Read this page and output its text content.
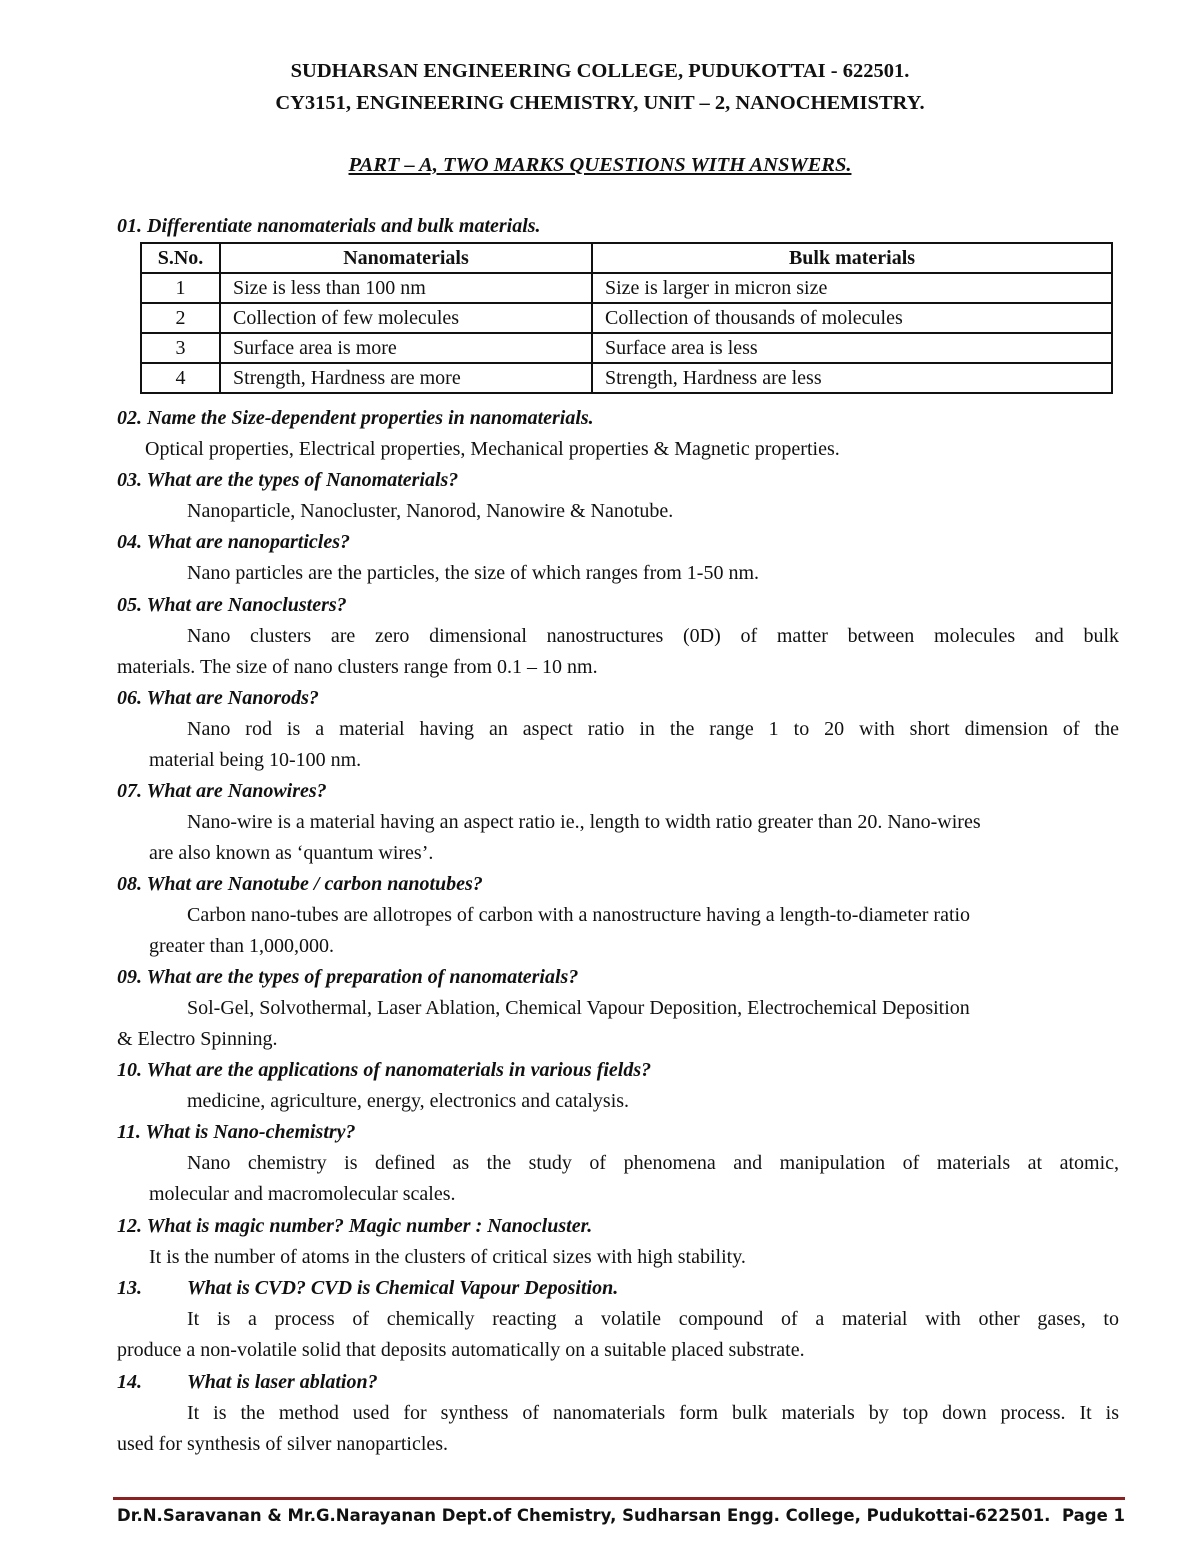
SUDHARSAN ENGINEERING COLLEGE, PUDUKOTTAI - 622501.
CY3151, ENGINEERING CHEMISTRY, UNIT – 2, NANOCHEMISTRY.
PART – A, TWO MARKS QUESTIONS WITH ANSWERS.
01. Differentiate nanomaterials and bulk materials.
S.No.	Nanomaterials	Bulk materials
1	Size is less than 100 nm	Size is larger in micron size
2	Collection of few molecules	Collection of thousands of molecules
3	Surface area is more	Surface area is less
4	Strength, Hardness are more	Strength, Hardness are less
02. Name the Size-dependent properties in nanomaterials.
Optical properties, Electrical properties, Mechanical properties & Magnetic properties.
03. What are the types of Nanomaterials?
Nanoparticle, Nanocluster, Nanorod, Nanowire & Nanotube.
04. What are nanoparticles?
Nano particles are the particles, the size of which ranges from 1-50 nm.
05. What are Nanoclusters?
Nano clusters are zero dimensional nanostructures (0D) of matter between molecules and bulk
materials. The size of nano clusters range from 0.1 – 10 nm.
06. What are Nanorods?
Nano rod is a material having an aspect ratio in the range 1 to 20 with short dimension of the
material being 10-100 nm.
07. What are Nanowires?
Nano-wire is a material having an aspect ratio ie., length to width ratio greater than 20. Nano-wires
are also known as ‘quantum wires’.
08. What are Nanotube / carbon nanotubes?
Carbon nano-tubes are allotropes of carbon with a nanostructure having a length-to-diameter ratio
greater than 1,000,000.
09. What are the types of preparation of nanomaterials?
Sol-Gel, Solvothermal, Laser Ablation, Chemical Vapour Deposition, Electrochemical Deposition
& Electro Spinning.
10. What are the applications of nanomaterials in various fields?
medicine, agriculture, energy, electronics and catalysis.
11. What is Nano-chemistry?
Nano chemistry is defined as the study of phenomena and manipulation of materials at atomic,
molecular and macromolecular scales.
12. What is magic number? Magic number : Nanocluster.
It is the number of atoms in the clusters of critical sizes with high stability.
13. What is CVD? CVD is Chemical Vapour Deposition.
It is a process of chemically reacting a volatile compound of a material with other gases, to
produce a non-volatile solid that deposits automatically on a suitable placed substrate.
14. What is laser ablation?
It is the method used for synthess of nanomaterials form bulk materials by top down process. It is
used for synthesis of silver nanoparticles.
Dr.N.Saravanan & Mr.G.Narayanan Dept.of Chemistry, Sudharsan Engg. College, Pudukottai-622501. Page 1
